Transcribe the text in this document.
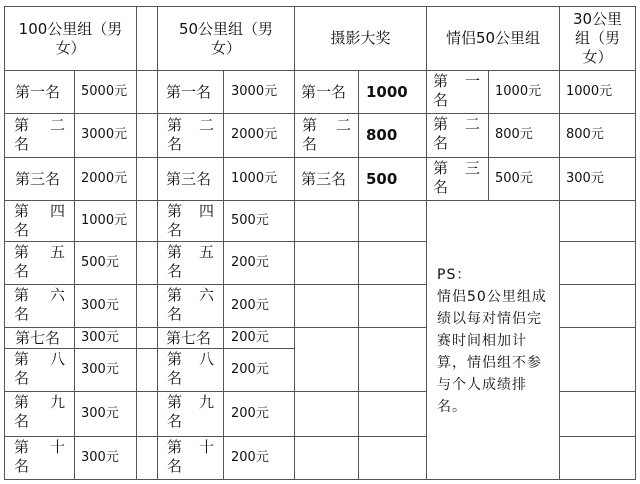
100公里组（男女）
50公里组（男女）
摄影大奖	情侣50公里组
30公里组（男女）
第一名
第 二
名
第三名
第 四
名
第 五
名
第 六
名
第七名
第 八
名
第 九
名
第 十
名
5000元
3000元
2000元
1000元
500元
300元
300元
300元
300元
300元
第一名
第 二
名
第三名
第 四
名
第 五
名
第 六
名
第七名
第 八
名
第 九
名
第 十
名
3000元
2000元
1000元
500元
200元
200元
200元
200元
200元
200元
第一名
第 二
名
第三名
1000
800
500
第 一
名
第 二
名
第 三
名
1000元
800元
500元
PS：
情侣50公里组成
绩以每对情侣完
赛时间相加计
算，情侣组不参
与个人成绩排
名。
1000元
800元
300元
